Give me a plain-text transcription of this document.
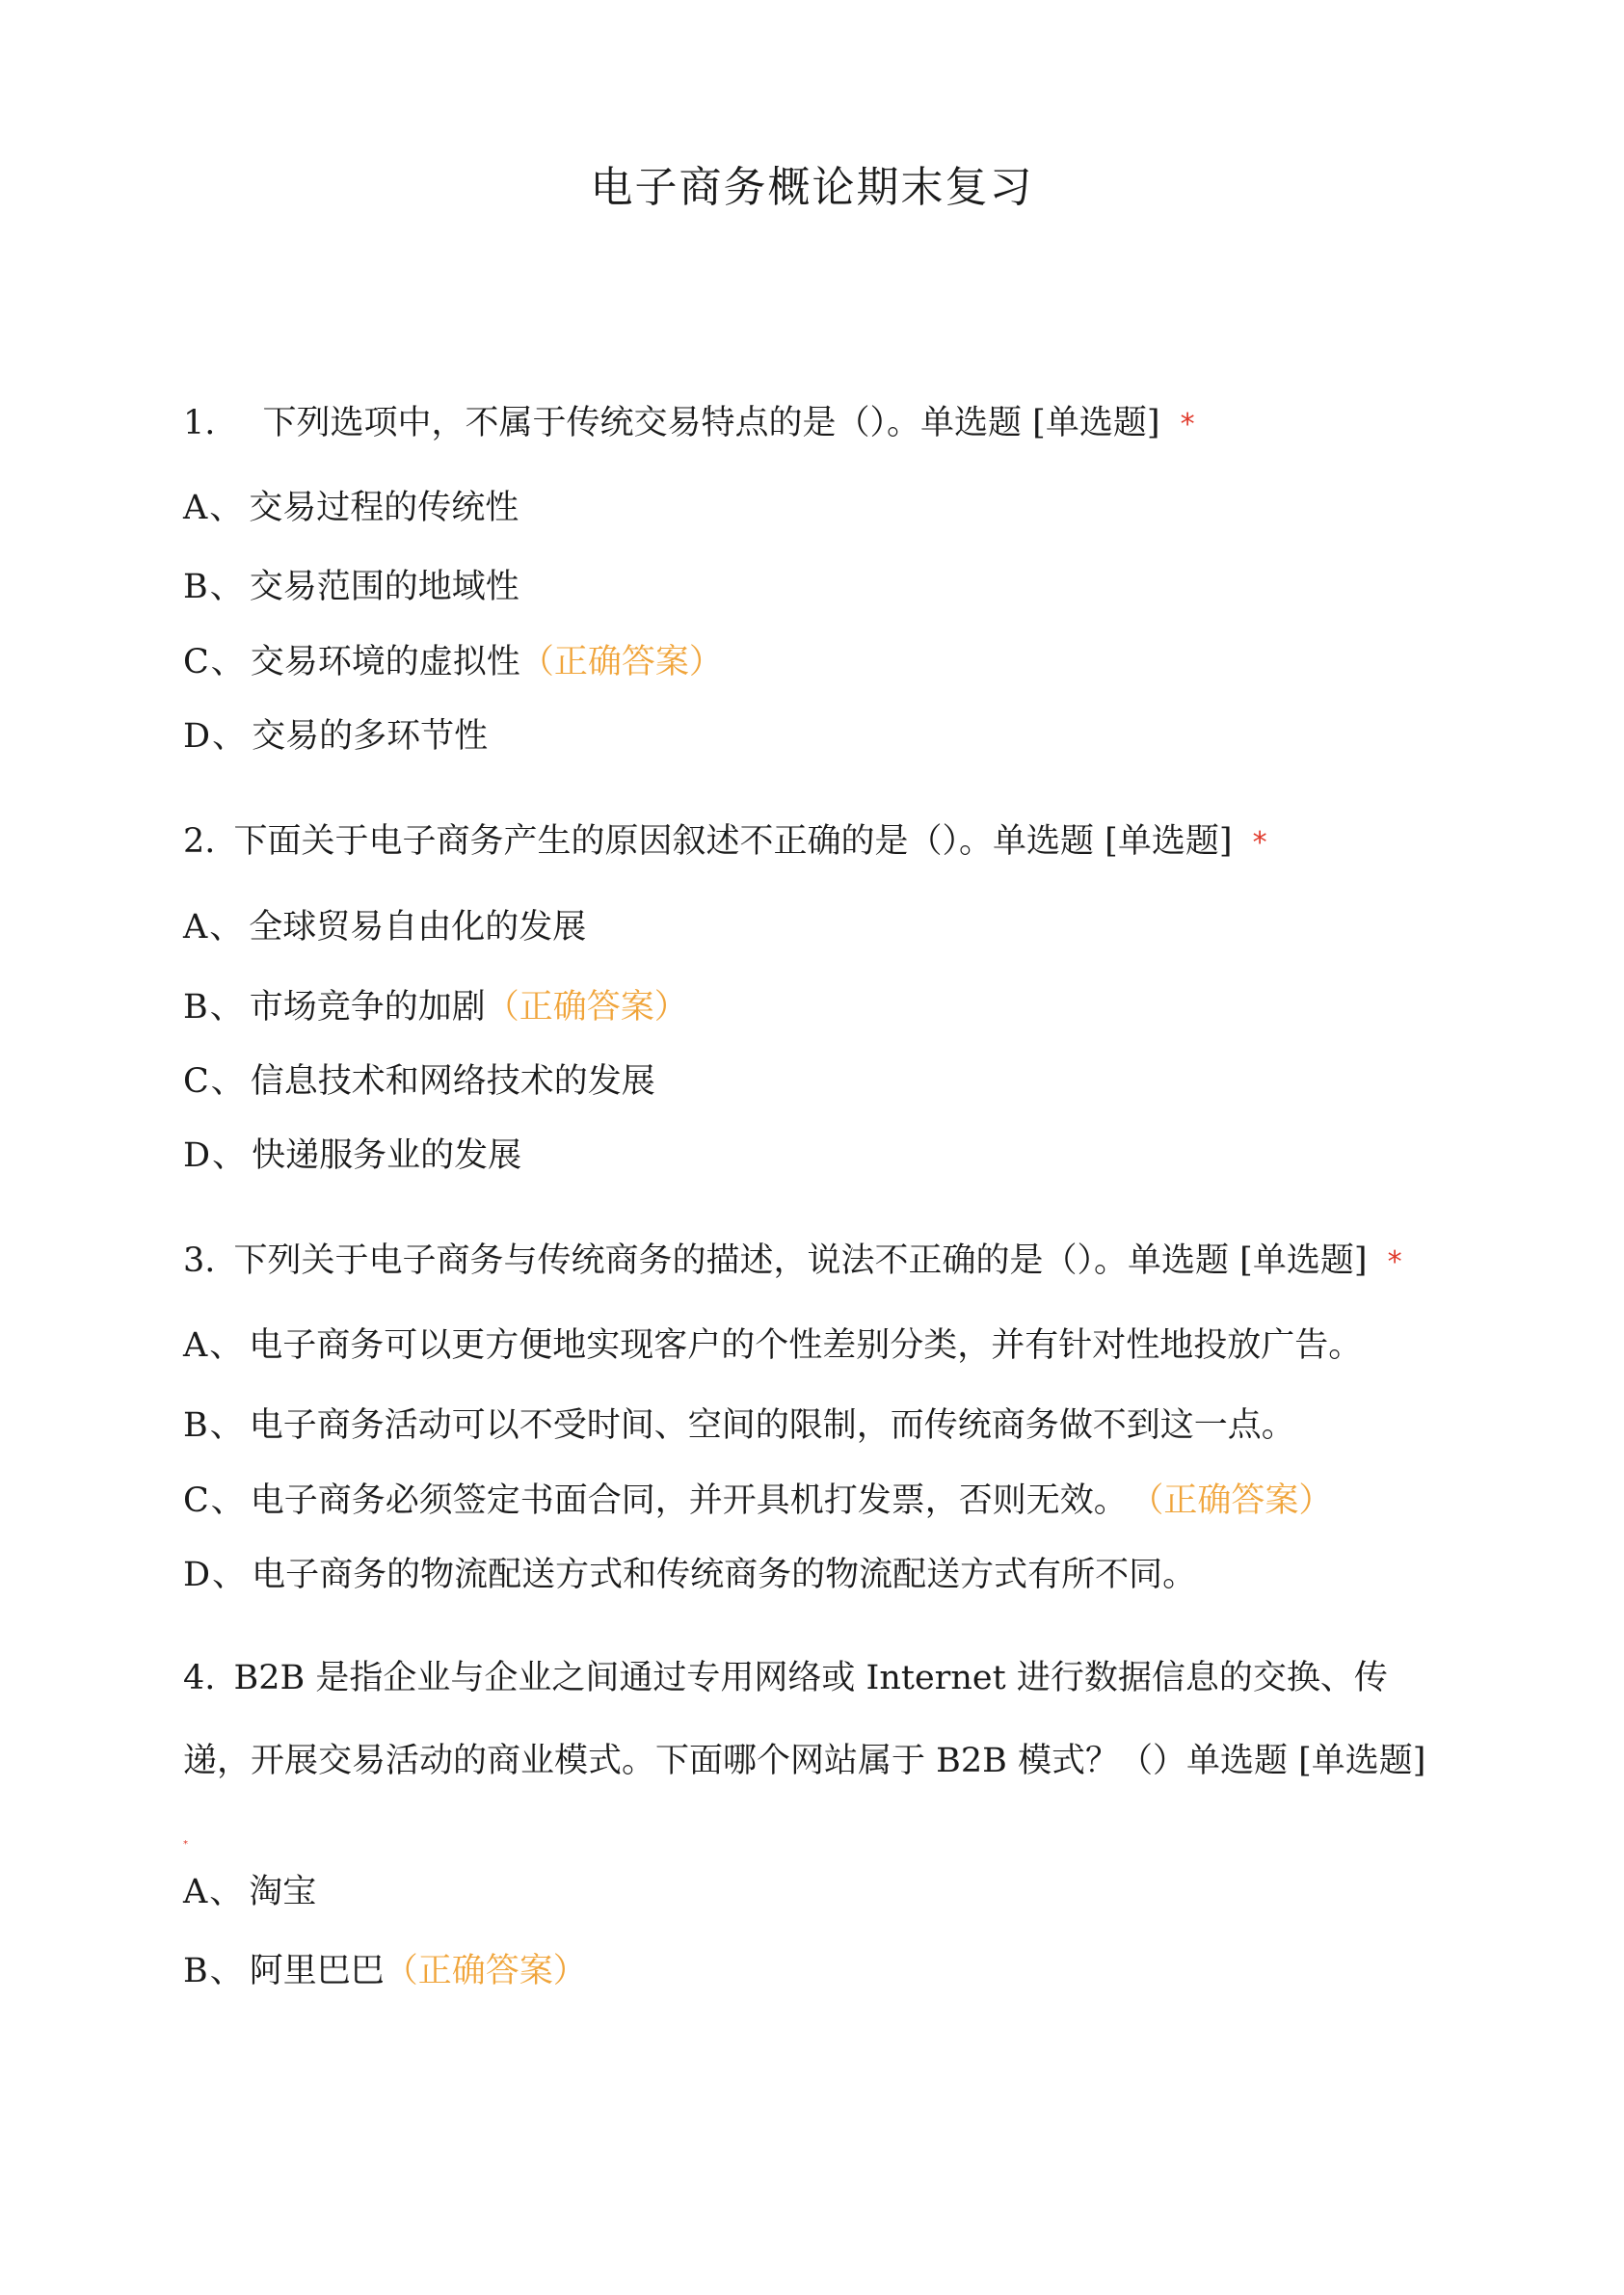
电子商务概论期末复习
1. 下列选项中，不属于传统交易特点的是（）。单选题 [单选题] *
A、 交易过程的传统性
B、 交易范围的地域性
C、 交易环境的虚拟性（正确答案）
D、 交易的多环节性
2. 下面关于电子商务产生的原因叙述不正确的是（）。单选题 [单选题] *
A、 全球贸易自由化的发展
B、 市场竞争的加剧（正确答案）
C、 信息技术和网络技术的发展
D、 快递服务业的发展
3. 下列关于电子商务与传统商务的描述，说法不正确的是（）。单选题 [单选题] *
A、 电子商务可以更方便地实现客户的个性差别分类，并有针对性地投放广告。
B、 电子商务活动可以不受时间、空间的限制，而传统商务做不到这一点。
C、 电子商务必须签定书面合同，并开具机打发票，否则无效。 （正确答案）
D、 电子商务的物流配送方式和传统商务的物流配送方式有所不同。
4. B2B 是指企业与企业之间通过专用网络或 Internet 进行数据信息的交换、传
递，开展交易活动的商业模式。下面哪个网站属于 B2B 模式？（）单选题 [单选题]
*
A、 淘宝
B、 阿里巴巴（正确答案）
